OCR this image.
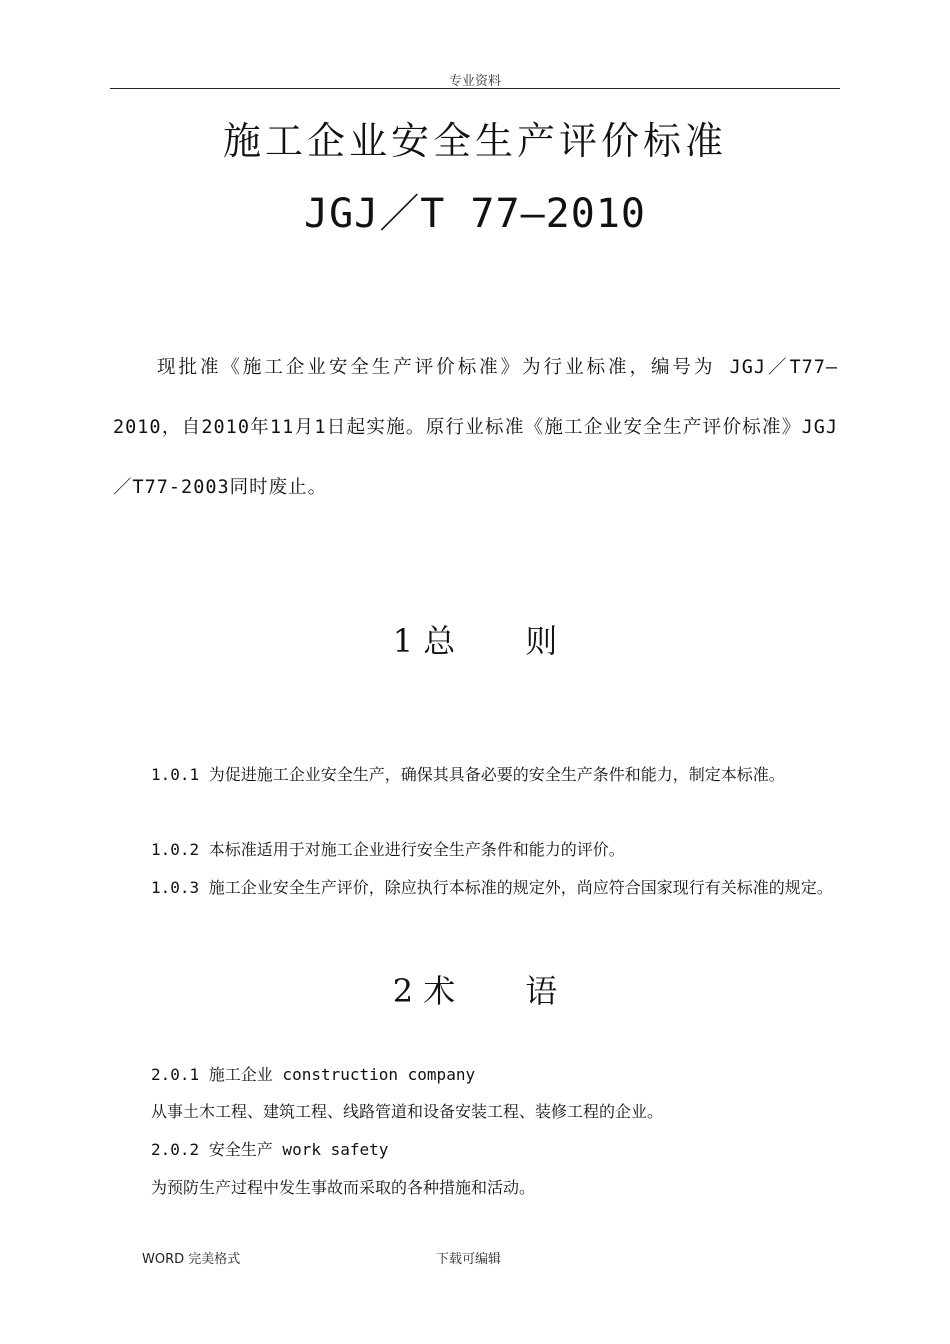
专业资料
施工企业安全生产评价标准
JGJ／T 77—2010
现批准《施工企业安全生产评价标准》为行业标准，编号为 JGJ／T77—2010，自2010年11月1日起实施。原行业标准《施工企业安全生产评价标准》JGJ／T77-2003同时废止。
1 总 则
1.0.1 为促进施工企业安全生产，确保其具备必要的安全生产条件和能力，制定本标准。
1.0.2 本标准适用于对施工企业进行安全生产条件和能力的评价。
1.0.3 施工企业安全生产评价，除应执行本标准的规定外，尚应符合国家现行有关标准的规定。
2 术 语
2.0.1 施工企业 construction company
从事土木工程、建筑工程、线路管道和设备安装工程、装修工程的企业。
2.0.2 安全生产 work safety
为预防生产过程中发生事故而采取的各种措施和活动。
WORD 完美格式	下载可编辑
